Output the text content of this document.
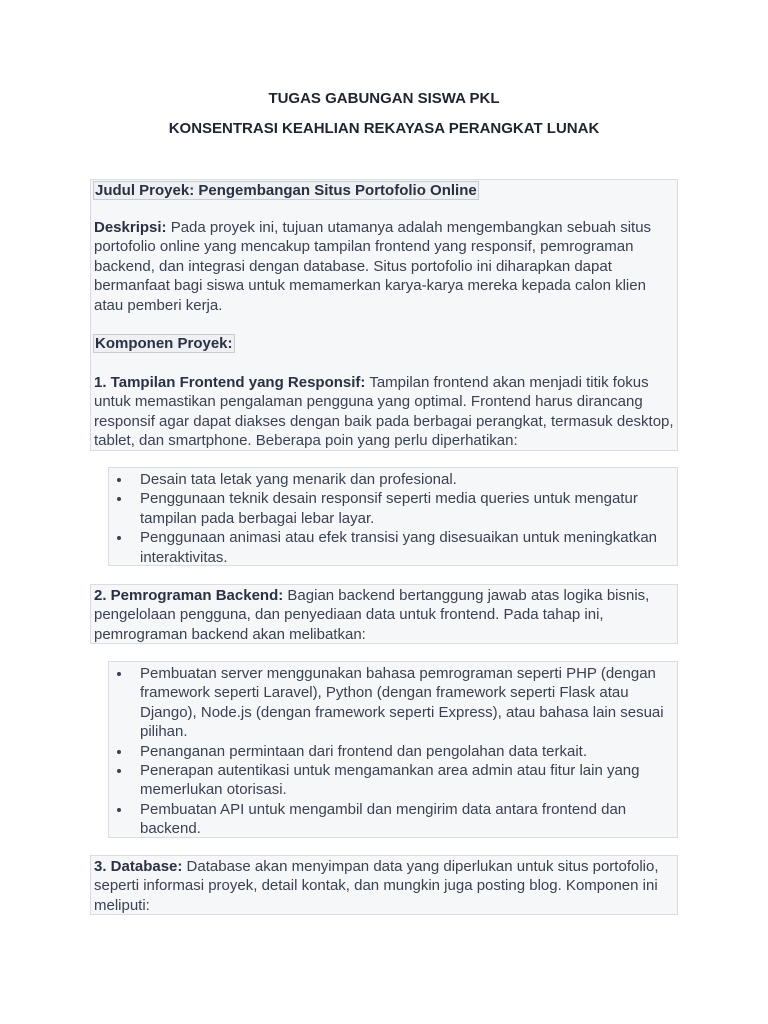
TUGAS GABUNGAN SISWA PKL
KONSENTRASI KEAHLIAN REKAYASA PERANGKAT LUNAK

Judul Proyek: Pengembangan Situs Portofolio Online

Deskripsi: Pada proyek ini, tujuan utamanya adalah mengembangkan sebuah situs portofolio online yang mencakup tampilan frontend yang responsif, pemrograman backend, dan integrasi dengan database. Situs portofolio ini diharapkan dapat bermanfaat bagi siswa untuk memamerkan karya-karya mereka kepada calon klien atau pemberi kerja.

Komponen Proyek:

1. Tampilan Frontend yang Responsif: Tampilan frontend akan menjadi titik fokus untuk memastikan pengalaman pengguna yang optimal. Frontend harus dirancang responsif agar dapat diakses dengan baik pada berbagai perangkat, termasuk desktop, tablet, dan smartphone. Beberapa poin yang perlu diperhatikan:

Desain tata letak yang menarik dan profesional.
Penggunaan teknik desain responsif seperti media queries untuk mengatur tampilan pada berbagai lebar layar.
Penggunaan animasi atau efek transisi yang disesuaikan untuk meningkatkan interaktivitas.

2. Pemrograman Backend: Bagian backend bertanggung jawab atas logika bisnis, pengelolaan pengguna, dan penyediaan data untuk frontend. Pada tahap ini, pemrograman backend akan melibatkan:

Pembuatan server menggunakan bahasa pemrograman seperti PHP (dengan framework seperti Laravel), Python (dengan framework seperti Flask atau Django), Node.js (dengan framework seperti Express), atau bahasa lain sesuai pilihan.
Penanganan permintaan dari frontend dan pengolahan data terkait.
Penerapan autentikasi untuk mengamankan area admin atau fitur lain yang memerlukan otorisasi.
Pembuatan API untuk mengambil dan mengirim data antara frontend dan backend.

3. Database: Database akan menyimpan data yang diperlukan untuk situs portofolio, seperti informasi proyek, detail kontak, dan mungkin juga posting blog. Komponen ini meliputi:
